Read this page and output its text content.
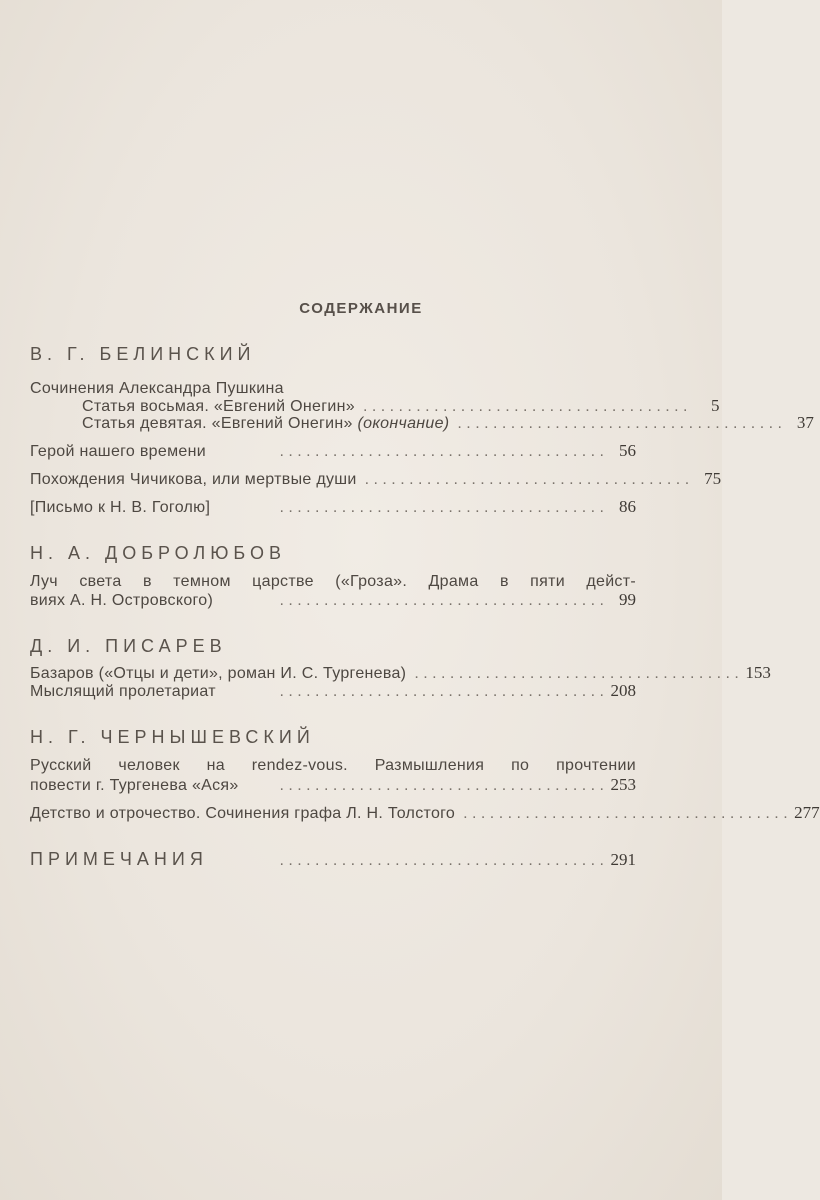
СОДЕРЖАНИЕ
В. Г. БЕЛИНСКИЙ
Сочинения Александра Пушкина
Статья восьмая. «Евгений Онегин» . . . . . . . . . . . . . . . . . . . . . . . . . . . . . . . . . . . . .	5
Статья девятая. «Евгений Онегин» (окончание) . . . . . . . . . . . . . . . . . . . . . . . . . . . . . . . . . . . . . 37
Герой нашего времени	. . . . . . . . . . . . . . . . . . . . . . . . . . . . . . . . . . . . . 56
Похождения Чичикова, или мертвые души . . . . . . . . . . . . . . . . . . . . . . . . . . . . . . . . . . . . . 75
[Письмо к Н. В. Гоголю]	. . . . . . . . . . . . . . . . . . . . . . . . . . . . . . . . . . . . . 86
Н. А. ДОБРОЛЮБОВ
Луч света в темном царстве («Гроза». Драма в пяти дейст-
виях А. Н. Островского)	. . . . . . . . . . . . . . . . . . . . . . . . . . . . . . . . . . . . . 99
Д. И. ПИСАРЕВ
Базаров («Отцы и дети», роман И. С. Тургенева) . . . . . . . . . . . . . . . . . . . . . . . . . . . . . . . . . . . . . 153
Мыслящий пролетариат	. . . . . . . . . . . . . . . . . . . . . . . . . . . . . . . . . . . . . 208
Н. Г. ЧЕРНЫШЕВСКИЙ
Русский человек на rendez-vous. Размышления по прочтении
повести г. Тургенева «Ася»	. . . . . . . . . . . . . . . . . . . . . . . . . . . . . . . . . . . . . 253
Детство и отрочество. Сочинения графа Л. Н. Толстого . . . . . . . . . . . . . . . . . . . . . . . . . . . . . . . . . . . . . 277
ПРИМЕЧАНИЯ	. . . . . . . . . . . . . . . . . . . . . . . . . . . . . . . . . . . . . 291
